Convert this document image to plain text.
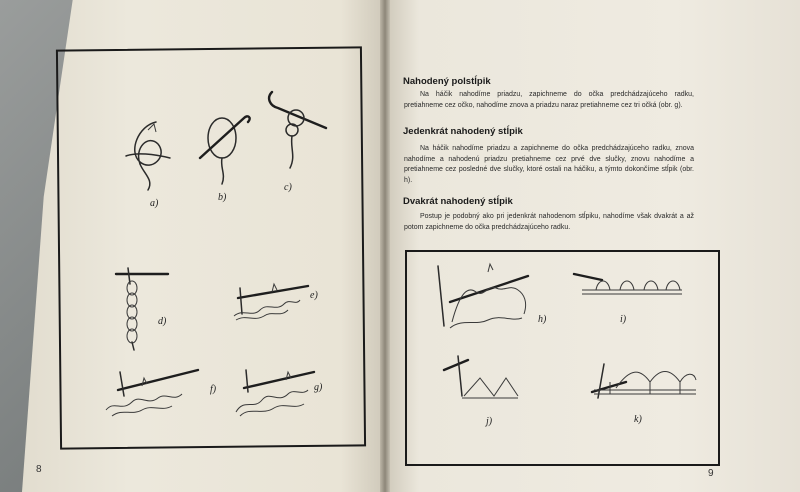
a)
b)
c)
d)
e)
f)	g)
8
Nahodený polstĺpik
Na háčik nahodíme priadzu, zapichneme do očka predchádzajúceho radku, pretiahneme cez očko, nahodíme znova a priadzu naraz pretiahneme cez tri očká (obr. g).
Jedenkrát nahodený stĺpik
Na háčik nahodíme priadzu a zapichneme do očka predchádzajúceho radku, znova nahodíme a nahodenú priadzu pretiahneme cez prvé dve slučky, znovu nahodíme a pretiahneme cez posledné dve slučky, ktoré ostali na háčiku, a týmto dokončíme stĺpik (obr. h).
Dvakrát nahodený stĺpik
Postup je podobný ako pri jedenkrát nahodenom stĺpiku, nahodíme však dvakrát a až potom zapichneme do očka predchádzajúceho radku.
h)	i)
j)	k)
9
